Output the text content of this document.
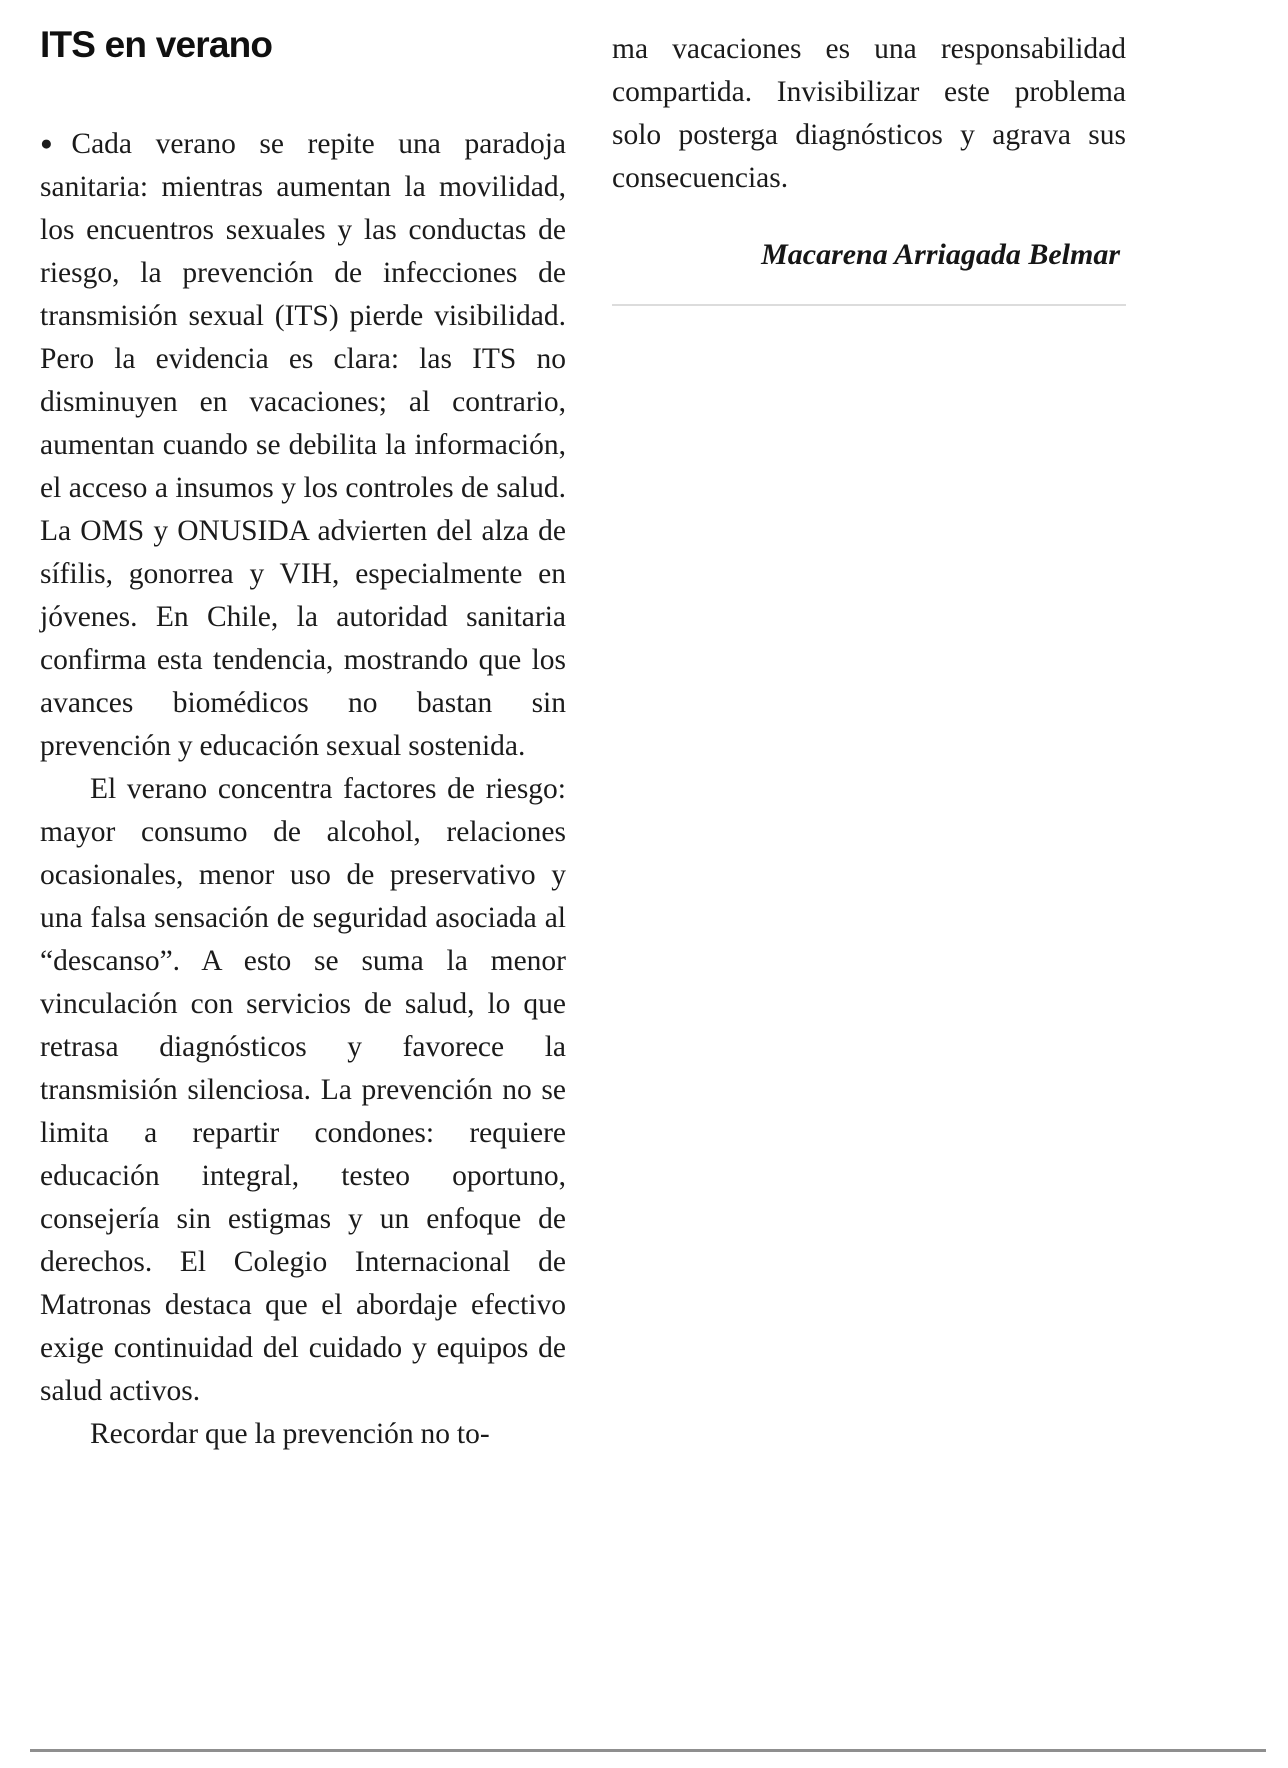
ITS en verano

●Cada verano se repite una paradoja sanitaria: mientras aumentan la movilidad, los encuentros sexuales y las conductas de riesgo, la prevención de infecciones de transmisión sexual (ITS) pierde visibilidad. Pero la evidencia es clara: las ITS no disminuyen en vacaciones; al contrario, aumentan cuando se debilita la información, el acceso a insumos y los controles de salud. La OMS y ONUSIDA advierten del alza de sífilis, gonorrea y VIH, especialmente en jóvenes. En Chile, la autoridad sanitaria confirma esta tendencia, mostrando que los avances biomédicos no bastan sin prevención y educación sexual sostenida.

El verano concentra factores de riesgo: mayor consumo de alcohol, relaciones ocasionales, menor uso de preservativo y una falsa sensación de seguridad asociada al “descanso”. A esto se suma la menor vinculación con servicios de salud, lo que retrasa diagnósticos y favorece la transmisión silenciosa. La prevención no se limita a repartir condones: requiere educación integral, testeo oportuno, consejería sin estigmas y un enfoque de derechos. El Colegio Internacional de Matronas destaca que el abordaje efectivo exige continuidad del cuidado y equipos de salud activos.

Recordar que la prevención no to-

ma vacaciones es una responsabilidad compartida. Invisibilizar este problema solo posterga diagnósticos y agrava sus consecuencias.

Macarena Arriagada Belmar
